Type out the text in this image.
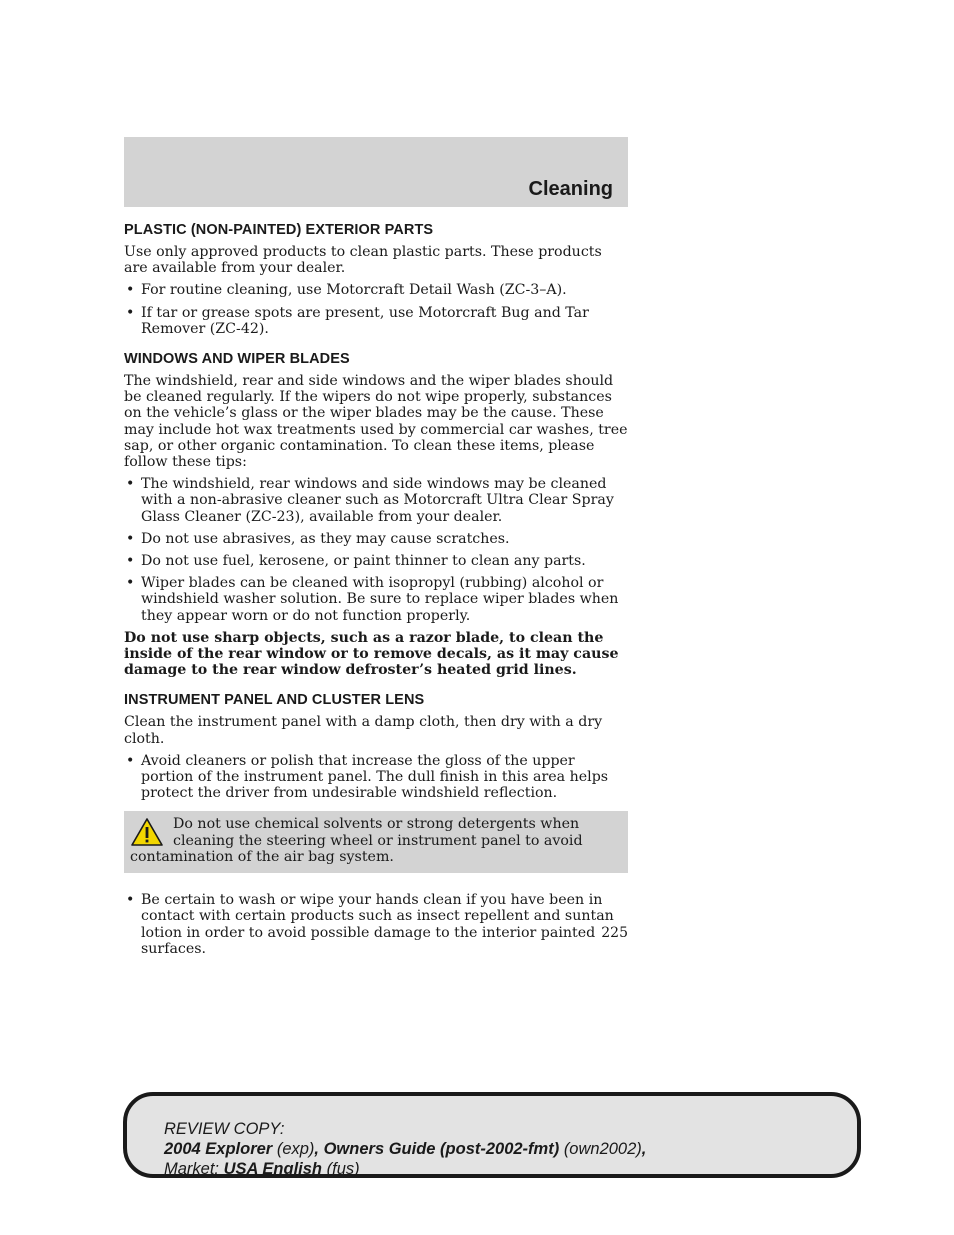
Cleaning
PLASTIC (NON-PAINTED) EXTERIOR PARTS

Use only approved products to clean plastic parts. These products are available from your dealer.

• For routine cleaning, use Motorcraft Detail Wash (ZC-3–A).
• If tar or grease spots are present, use Motorcraft Bug and Tar Remover (ZC-42).
WINDOWS AND WIPER BLADES

The windshield, rear and side windows and the wiper blades should be cleaned regularly. If the wipers do not wipe properly, substances on the vehicle’s glass or the wiper blades may be the cause. These may include hot wax treatments used by commercial car washes, tree sap, or other organic contamination. To clean these items, please follow these tips:

• The windshield, rear windows and side windows may be cleaned with a non-abrasive cleaner such as Motorcraft Ultra Clear Spray Glass Cleaner (ZC-23), available from your dealer.
• Do not use abrasives, as they may cause scratches.
• Do not use fuel, kerosene, or paint thinner to clean any parts.
• Wiper blades can be cleaned with isopropyl (rubbing) alcohol or windshield washer solution. Be sure to replace wiper blades when they appear worn or do not function properly.

Do not use sharp objects, such as a razor blade, to clean the inside of the rear window or to remove decals, as it may cause damage to the rear window defroster’s heated grid lines.

INSTRUMENT PANEL AND CLUSTER LENS

Clean the instrument panel with a damp cloth, then dry with a dry cloth.

• Avoid cleaners or polish that increase the gloss of the upper portion of the instrument panel. The dull finish in this area helps protect the driver from undesirable windshield reflection.
Do not use chemical solvents or strong detergents when cleaning the steering wheel or instrument panel to avoid contamination of the air bag system.
• Be certain to wash or wipe your hands clean if you have been in contact with certain products such as insect repellent and suntan lotion in order to avoid possible damage to the interior painted surfaces.
225
REVIEW COPY:
2004 Explorer (exp), Owners Guide (post-2002-fmt) (own2002),
Market: USA English (fus)
